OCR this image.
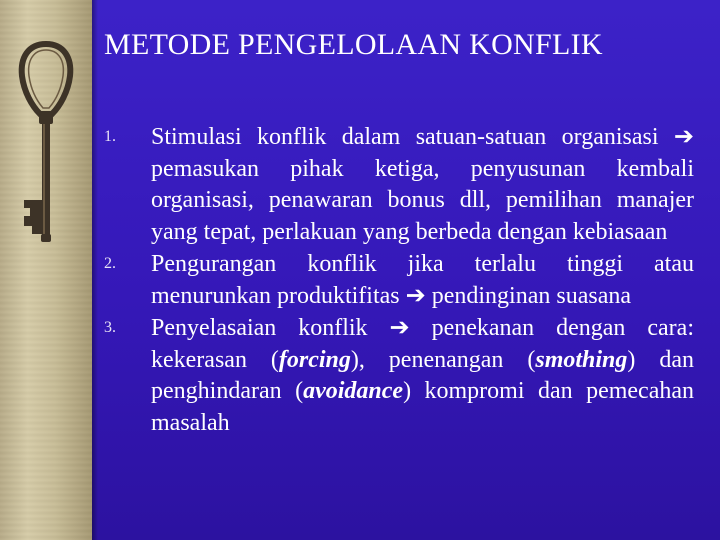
METODE PENGELOLAAN KONFLIK
1.	Stimulasi konflik dalam satuan-satuan organisasi ➔ pemasukan pihak ketiga, penyusunan kembali organisasi, penawaran bonus dll, pemilihan manajer yang tepat, perlakuan yang berbeda dengan kebiasaan
2.	Pengurangan konflik jika terlalu tinggi atau menurunkan produktifitas ➔ pendinginan suasana
3.	Penyelasaian konflik ➔ penekanan dengan cara: kekerasan (forcing), penenangan (smothing) dan penghindaran (avoidance) kompromi dan pemecahan masalah
